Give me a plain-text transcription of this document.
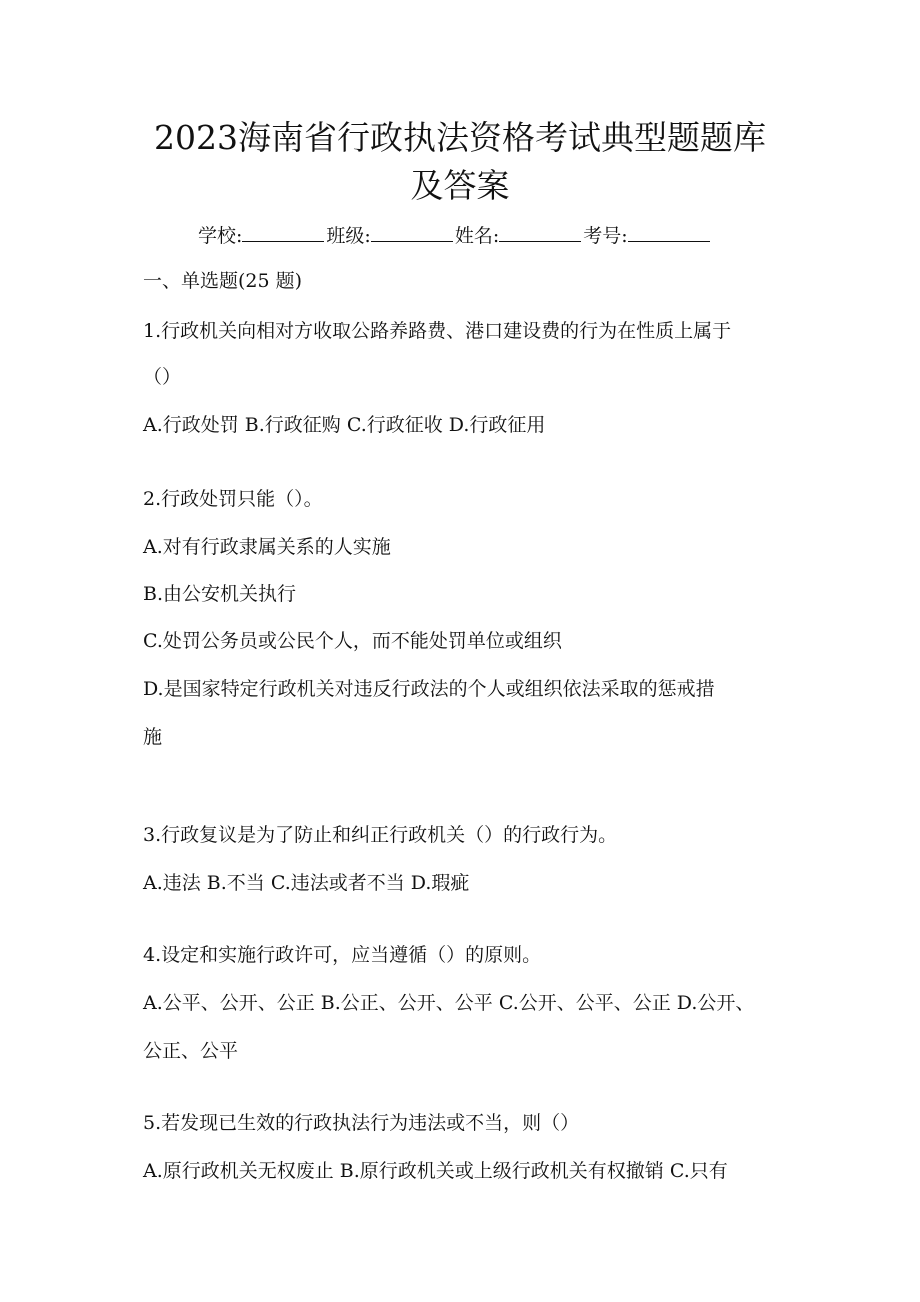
2023海南省行政执法资格考试典型题题库
及答案
学校:	班级:	姓名:	考号:
一、单选题(25 题)
1.行政机关向相对方收取公路养路费、港口建设费的行为在性质上属于
（）
A.行政处罚 B.行政征购 C.行政征收 D.行政征用
2.行政处罚只能（）。
A.对有行政隶属关系的人实施
B.由公安机关执行
C.处罚公务员或公民个人，而不能处罚单位或组织
D.是国家特定行政机关对违反行政法的个人或组织依法采取的惩戒措
施
3.行政复议是为了防止和纠正行政机关（）的行政行为。
A.违法 B.不当 C.违法或者不当 D.瑕疵
4.设定和实施行政许可，应当遵循（）的原则。
A.公平、公开、公正 B.公正、公开、公平 C.公开、公平、公正 D.公开、
公正、公平
5.若发现已生效的行政执法行为违法或不当，则（）
A.原行政机关无权废止 B.原行政机关或上级行政机关有权撤销 C.只有
